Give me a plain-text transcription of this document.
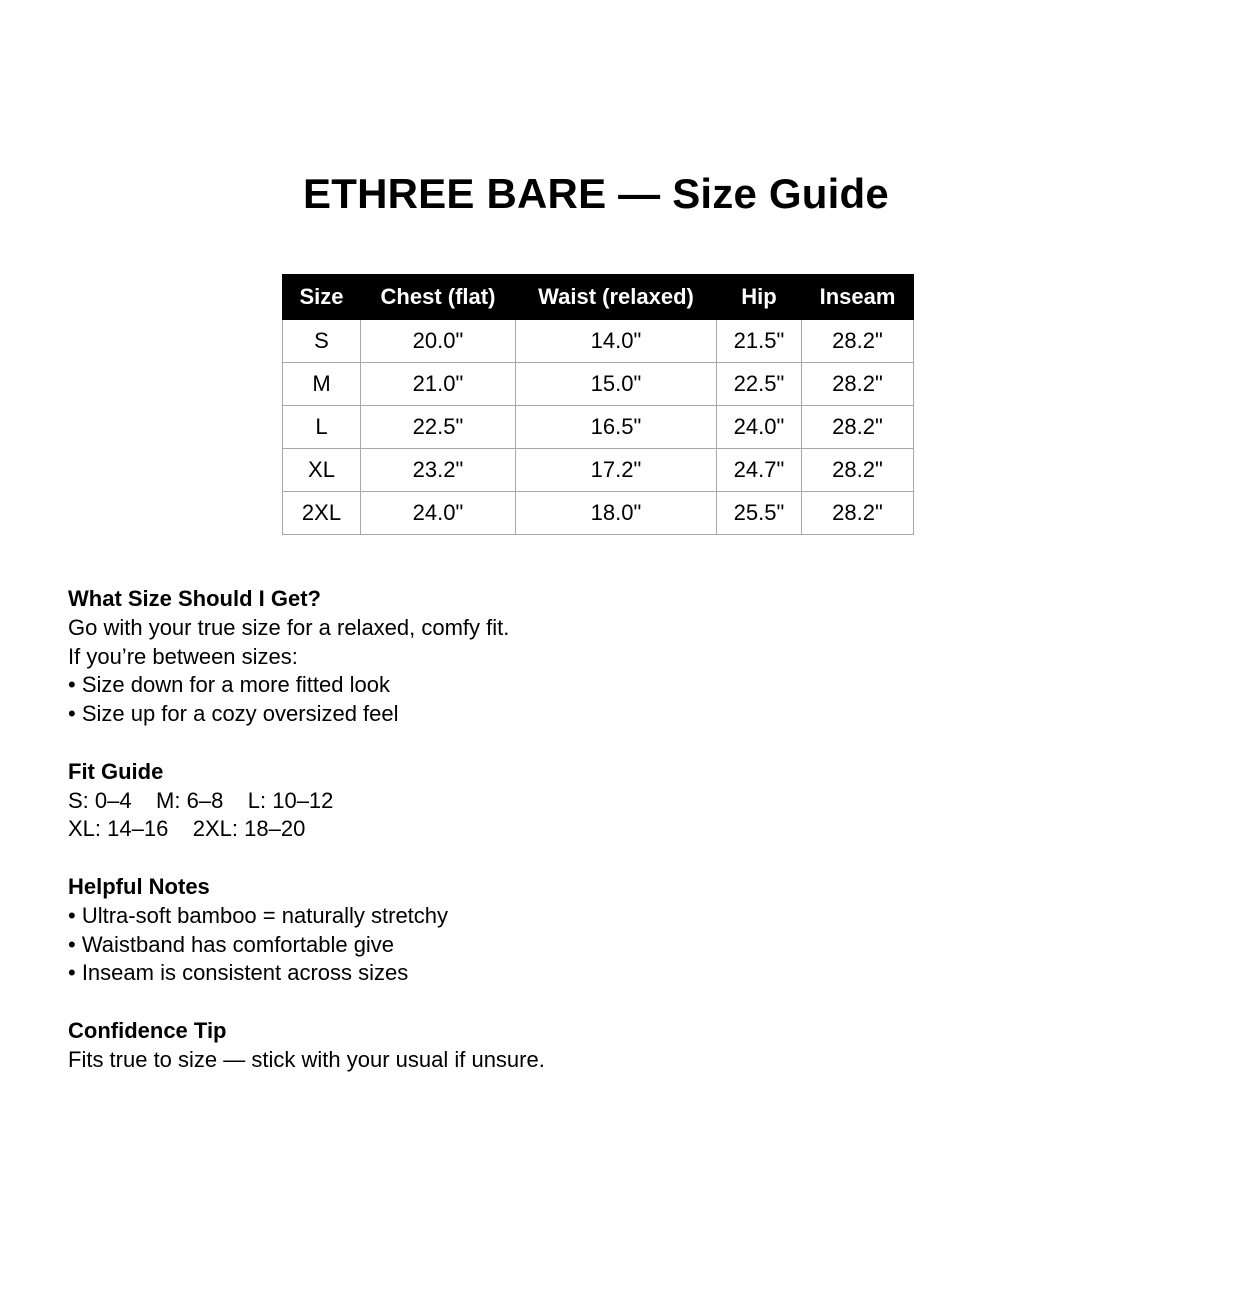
ETHREE BARE — Size Guide
Size	Chest (flat)	Waist (relaxed)	Hip	Inseam
S	20.0"	14.0"	21.5"	28.2"
M	21.0"	15.0"	22.5"	28.2"
L	22.5"	16.5"	24.0"	28.2"
XL	23.2"	17.2"	24.7"	28.2"
2XL	24.0"	18.0"	25.5"	28.2"
What Size Should I Get?
Go with your true size for a relaxed, comfy fit.
If you’re between sizes:
• Size down for a more fitted look
• Size up for a cozy oversized feel
Fit Guide
S: 0–4    M: 6–8    L: 10–12
XL: 14–16    2XL: 18–20
Helpful Notes
• Ultra-soft bamboo = naturally stretchy
• Waistband has comfortable give
• Inseam is consistent across sizes
Confidence Tip
Fits true to size — stick with your usual if unsure.
